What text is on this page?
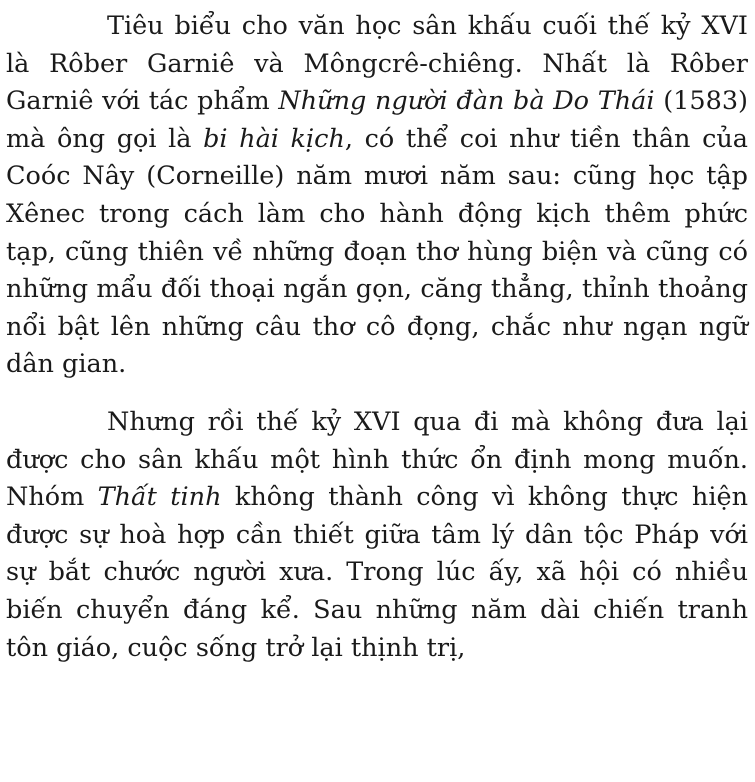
Tiêu biểu cho văn học sân khấu cuối thế kỷ XVI là Rôber Garniê và Môngcrê-chiêng. Nhất là Rôber Garniê với tác phẩm Những người đàn bà Do Thái (1583) mà ông gọi là bi hài kịch, có thể coi như tiền thân của Coóc Nây (Corneille) năm mươi năm sau: cũng học tập Xênec trong cách làm cho hành động kịch thêm phức tạp, cũng thiên về những đoạn thơ hùng biện và cũng có những mẩu đối thoại ngắn gọn, căng thẳng, thỉnh thoảng nổi bật lên những câu thơ cô đọng, chắc như ngạn ngữ dân gian.

Nhưng rồi thế kỷ XVI qua đi mà không đưa lại được cho sân khấu một hình thức ổn định mong muốn. Nhóm Thất tinh không thành công vì không thực hiện được sự hoà hợp cần thiết giữa tâm lý dân tộc Pháp với sự bắt chước người xưa. Trong lúc ấy, xã hội có nhiều biến chuyển đáng kể. Sau những năm dài chiến tranh tôn giáo, cuộc sống trở lại thịnh trị,
